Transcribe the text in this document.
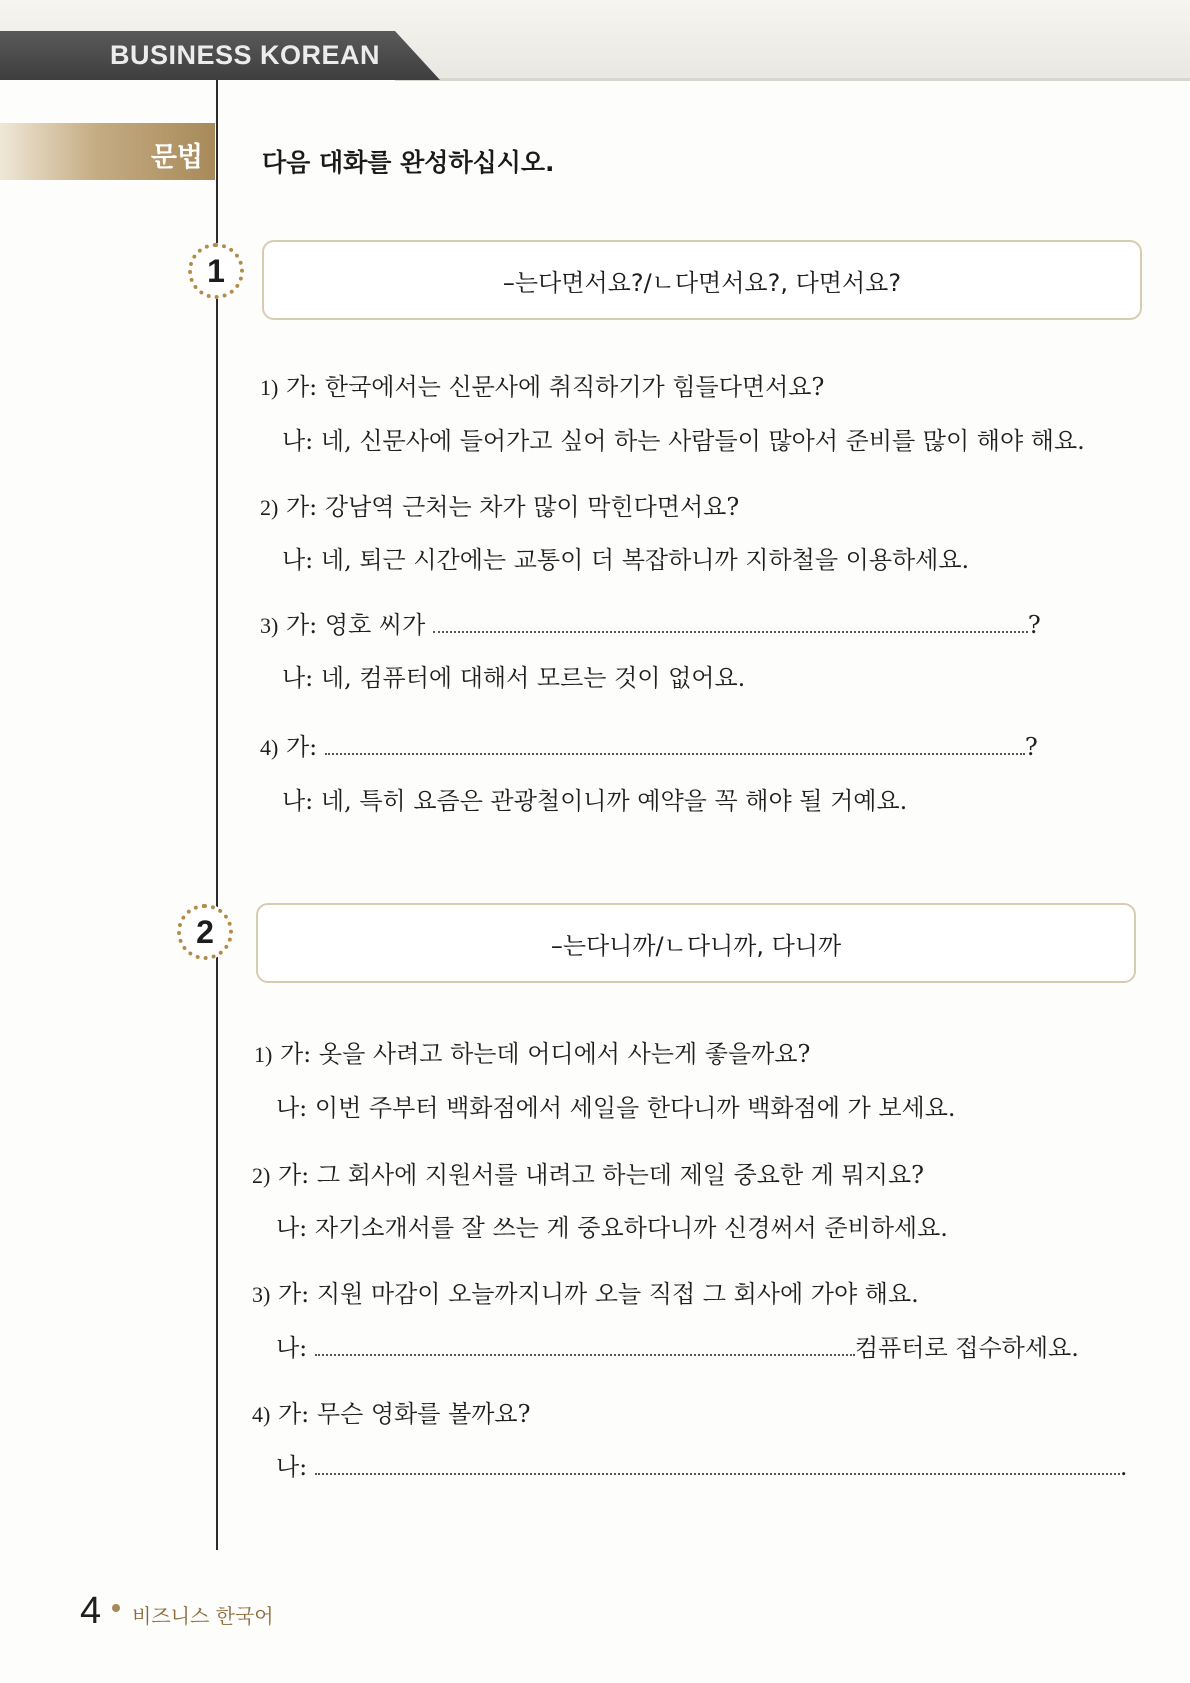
BUSINESS KOREAN
문법 다음 대화를 완성하십시오.
1	–는다면서요?/ㄴ다면서요?, 다면서요?
1) 가: 한국에서는 신문사에 취직하기가 힘들다면서요?
나: 네, 신문사에 들어가고 싶어 하는 사람들이 많아서 준비를 많이 해야 해요.
2) 가: 강남역 근처는 차가 많이 막힌다면서요?
나: 네, 퇴근 시간에는 교통이 더 복잡하니까 지하철을 이용하세요.
3) 가: 영호 씨가	?
나: 네, 컴퓨터에 대해서 모르는 것이 없어요.
4) 가:	?
나: 네, 특히 요즘은 관광철이니까 예약을 꼭 해야 될 거예요.
2	–는다니까/ㄴ다니까, 다니까
1) 가: 옷을 사려고 하는데 어디에서 사는게 좋을까요?
나: 이번 주부터 백화점에서 세일을 한다니까 백화점에 가 보세요.
2) 가: 그 회사에 지원서를 내려고 하는데 제일 중요한 게 뭐지요?
나: 자기소개서를 잘 쓰는 게 중요하다니까 신경써서 준비하세요.
3) 가: 지원 마감이 오늘까지니까 오늘 직접 그 회사에 가야 해요.
나:	컴퓨터로 접수하세요.
4) 가: 무슨 영화를 볼까요?
나:	.
4 비즈니스 한국어
